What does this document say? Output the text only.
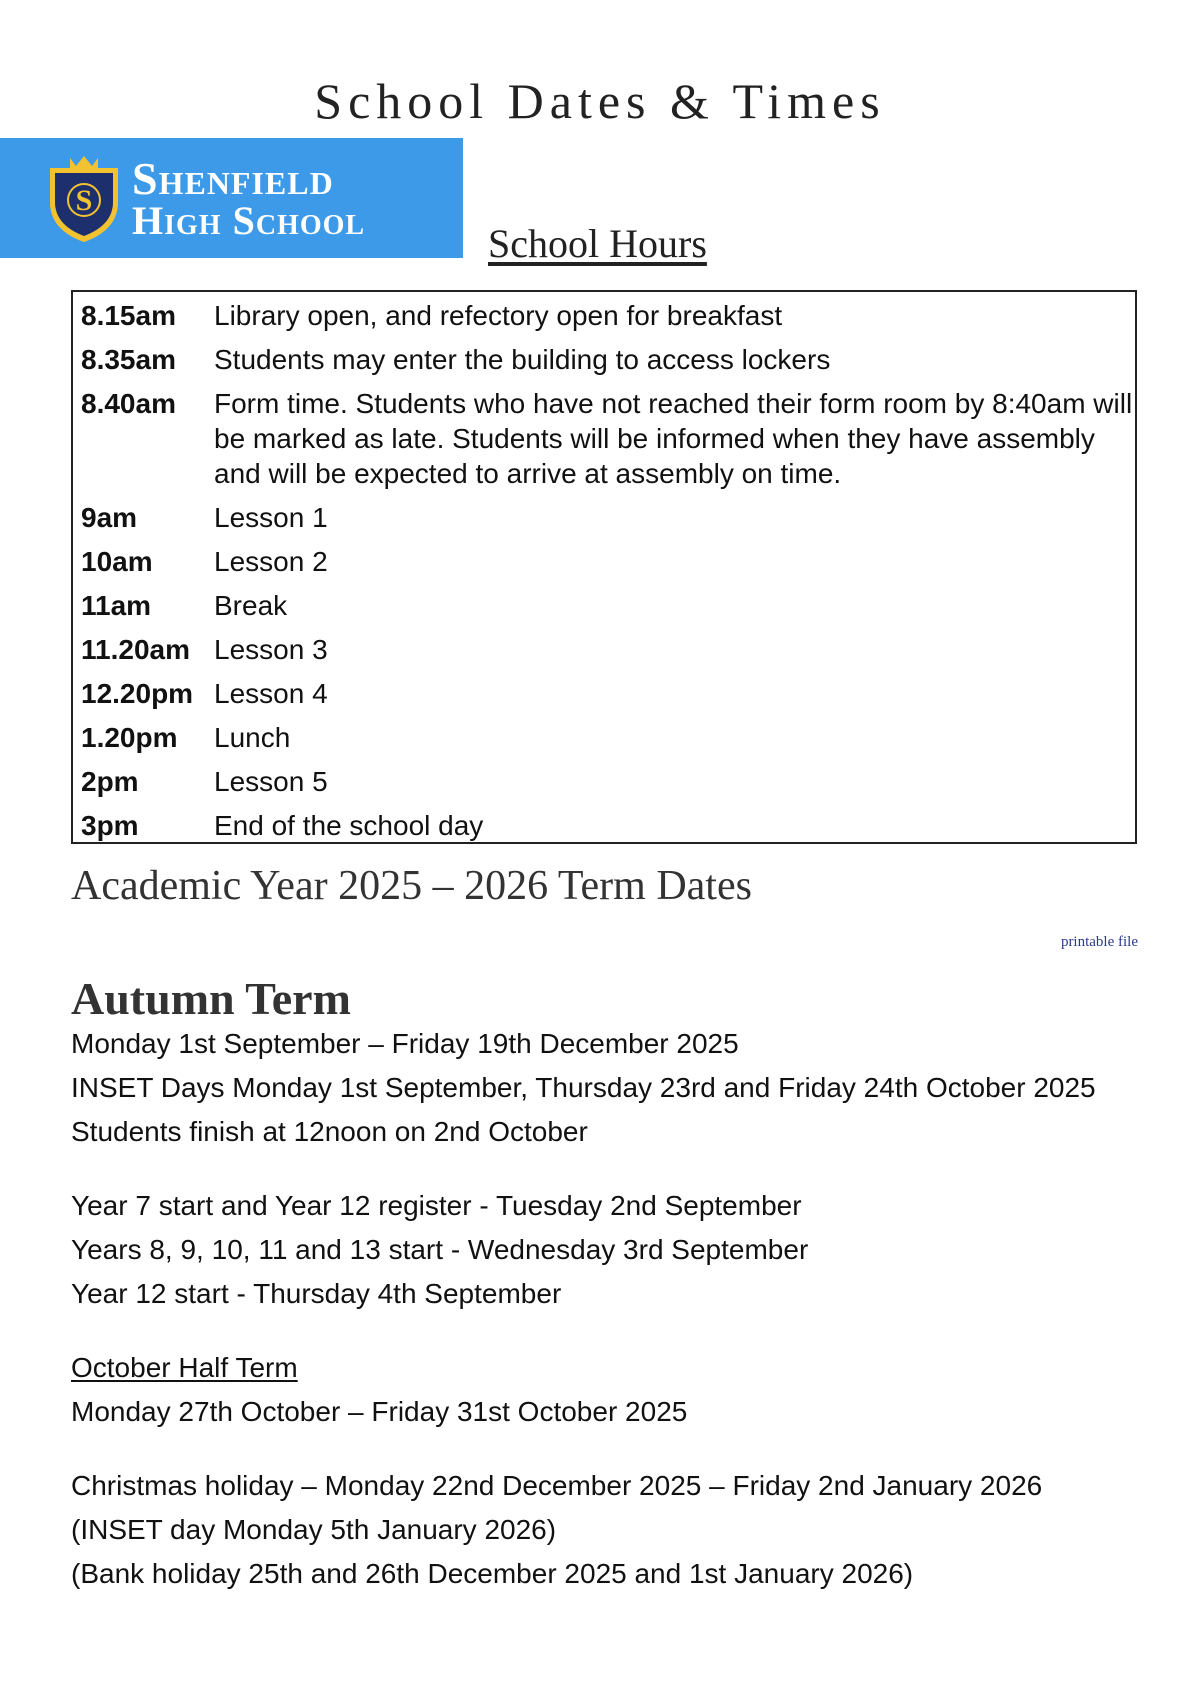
School Dates & Times
S Shenfield
High School
School Hours
8.15am	Library open, and refectory open for breakfast
8.35am	Students may enter the building to access lockers
8.40am	Form time. Students who have not reached their form room by 8:40am will be marked as late. Students will be informed when they have assembly and will be expected to arrive at assembly on time.
9am	Lesson 1
10am	Lesson 2
11am	Break
11.20am Lesson 3
12.20pm Lesson 4
1.20pm	Lunch
2pm	Lesson 5
3pm	End of the school day
Academic Year 2025 – 2026 Term Dates
printable file
Autumn Term

Monday 1st September – Friday 19th December 2025

INSET Days Monday 1st September, Thursday 23rd and Friday 24th October 2025

Students finish at 12noon on 2nd October

Year 7 start and Year 12 register - Tuesday 2nd September

Years 8, 9, 10, 11 and 13 start - Wednesday 3rd September

Year 12 start - Thursday 4th September

October Half Term

Monday 27th October – Friday 31st October 2025

Christmas holiday – Monday 22nd December 2025 – Friday 2nd January 2026

(INSET day Monday 5th January 2026)

(Bank holiday 25th and 26th December 2025 and 1st January 2026)
